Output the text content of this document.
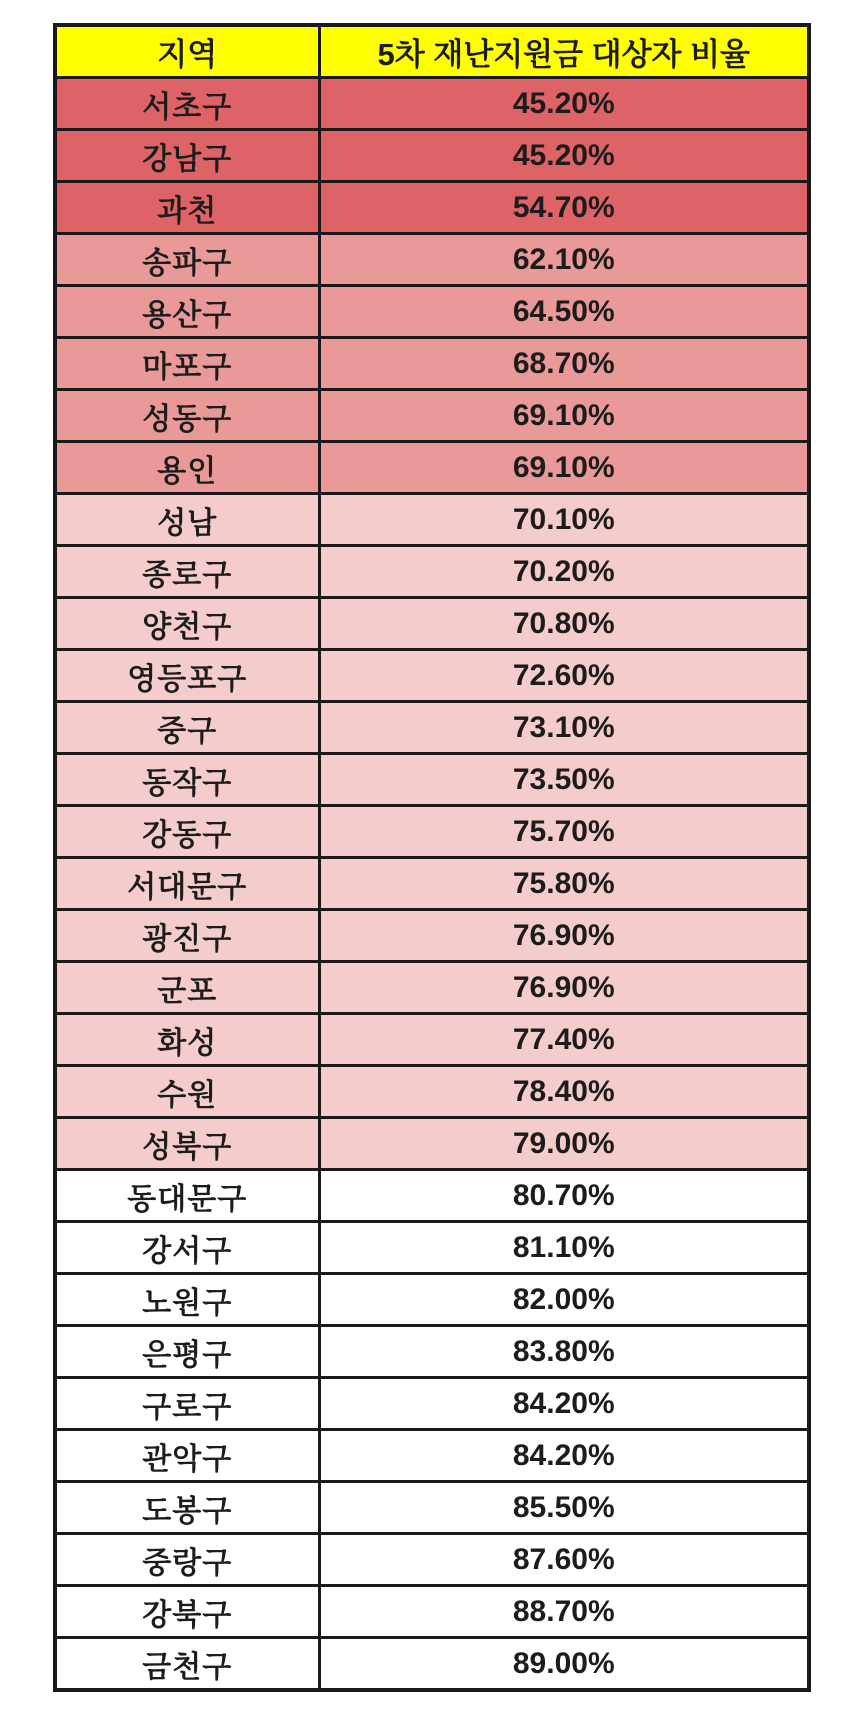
지역	5차 재난지원금 대상자 비율
서초구	45.20%
강남구	45.20%
과천	54.70%
송파구	62.10%
용산구	64.50%
마포구	68.70%
성동구	69.10%
용인	69.10%
성남	70.10%
종로구	70.20%
양천구	70.80%
영등포구	72.60%
중구	73.10%
동작구	73.50%
강동구	75.70%
서대문구	75.80%
광진구	76.90%
군포	76.90%
화성	77.40%
수원	78.40%
성북구	79.00%
동대문구	80.70%
강서구	81.10%
노원구	82.00%
은평구	83.80%
구로구	84.20%
관악구	84.20%
도봉구	85.50%
중랑구	87.60%
강북구	88.70%
금천구	89.00%
